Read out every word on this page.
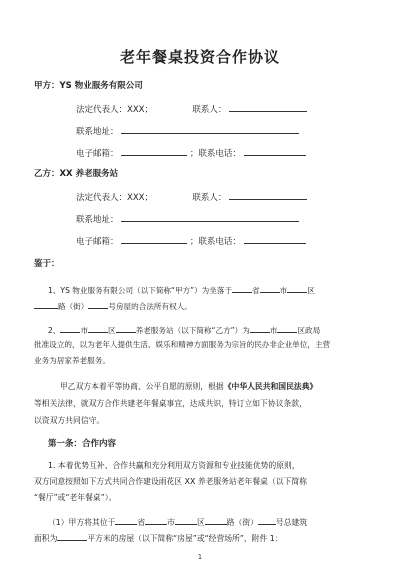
老年餐桌投资合作协议
甲方：YS 物业服务有限公司
法定代表人：XXX；	联系人：
联系地址：
电子邮箱：	；联系电话：
乙方：XX 养老服务站
法定代表人：XXX；	联系人：
联系地址：
电子邮箱：	；联系电话：
鉴于：
1、YS 物业服务有限公司（以下简称“甲方”）为坐落于	省	市	区
路（街）	号房屋的合法所有权人。
2、	市	区	养老服务站（以下简称“乙方”）为	市	区政局
批准设立的，以为老年人提供生活、娱乐和精神方面服务为宗旨的民办非企业单位，主营
业务为居家养老服务。
甲乙双方本着平等协商、公平自愿的原则，根据《中华人民共和国民法典》
等相关法律，就双方合作共建老年餐桌事宜，达成共识，特订立如下协议条款，
以资双方共同信守。
第一条：合作内容
1. 本着优势互补、合作共赢和充分利用双方资源和专业技能优势的原则，
双方同意按照如下方式共同合作建设雨花区 XX 养老服务站老年餐桌（以下简称
“餐厅”或“老年餐桌”）。
（1）甲方将其位于	省	市	区	路（街） 号总建筑
面积为	平方米的房屋（以下简称“房屋”或“经营场所”，附件 1：
1
